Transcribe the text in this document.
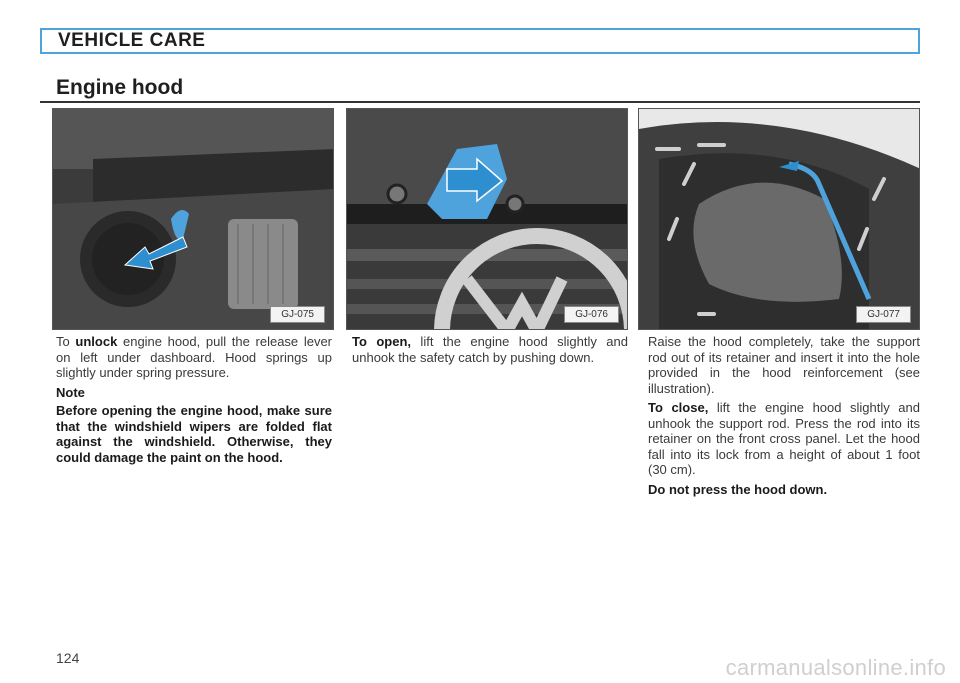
VEHICLE CARE
Engine hood
GJ-075	GJ-076	GJ-077

To unlock engine hood, pull the release lever on left under dashboard. Hood springs up slightly under spring pressure.

Note

Before opening the engine hood, make sure that the windshield wipers are folded flat against the windshield. Otherwise, they could damage the paint on the hood.

To open, lift the engine hood slightly and unhook the safety catch by pushing down.

Raise the hood completely, take the support rod out of its retainer and insert it into the hole provided in the hood reinforcement (see illustration).

To close, lift the engine hood slightly and unhook the support rod. Press the rod into its retainer on the front cross panel. Let the hood fall into its lock from a height of about 1 foot (30 cm).

Do not press the hood down.

124	carmanualsonline.info
